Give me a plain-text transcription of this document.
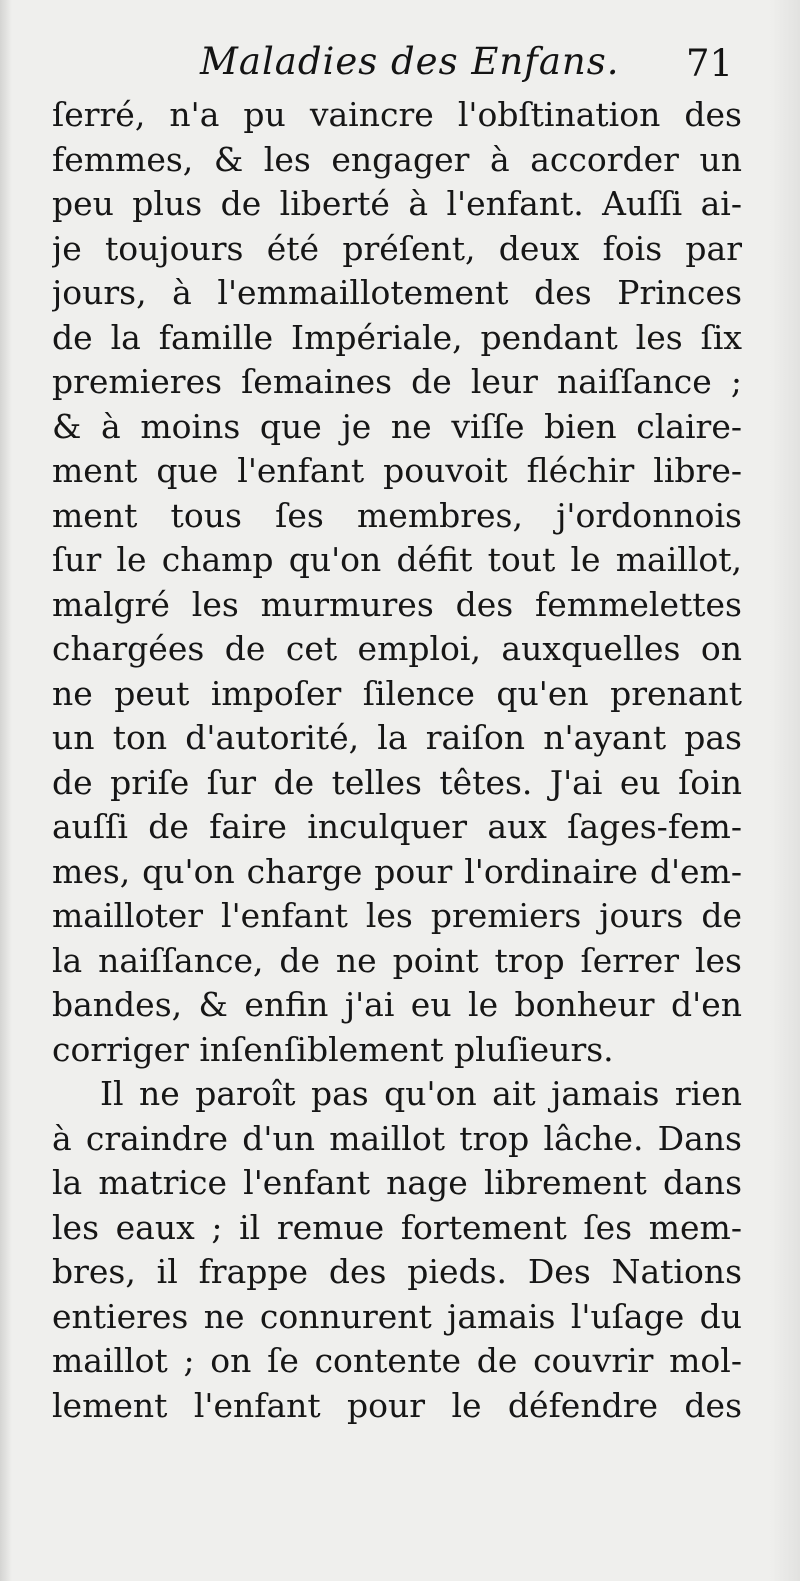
Maladies des Enfans. 71
ſerré, n'a pu vaincre l'obſtination des
femmes, & les engager à accorder un
peu plus de liberté à l'enfant. Auſſi ai-
je toujours été préſent, deux fois par
jours, à l'emmaillotement des Princes
de la famille Impériale, pendant les ſix
premieres ſemaines de leur naiſſance ;
& à moins que je ne viſſe bien claire-
ment que l'enfant pouvoit fléchir libre-
ment tous ſes membres, j'ordonnois
ſur le champ qu'on défit tout le maillot,
malgré les murmures des femmelettes
chargées de cet emploi, auxquelles on
ne peut impoſer ſilence qu'en prenant
un ton d'autorité, la raiſon n'ayant pas
de priſe ſur de telles têtes. J'ai eu ſoin
auſſi de faire inculquer aux ſages-fem-
mes, qu'on charge pour l'ordinaire d'em-
mailloter l'enfant les premiers jours de
la naiſſance, de ne point trop ſerrer les
bandes, & enfin j'ai eu le bonheur d'en
corriger inſenſiblement pluſieurs.
Il ne paroît pas qu'on ait jamais rien
à craindre d'un maillot trop lâche. Dans
la matrice l'enfant nage librement dans
les eaux ; il remue fortement ſes mem-
bres, il frappe des pieds. Des Nations
entieres ne connurent jamais l'uſage du
maillot ; on ſe contente de couvrir mol-
lement l'enfant pour le défendre des
